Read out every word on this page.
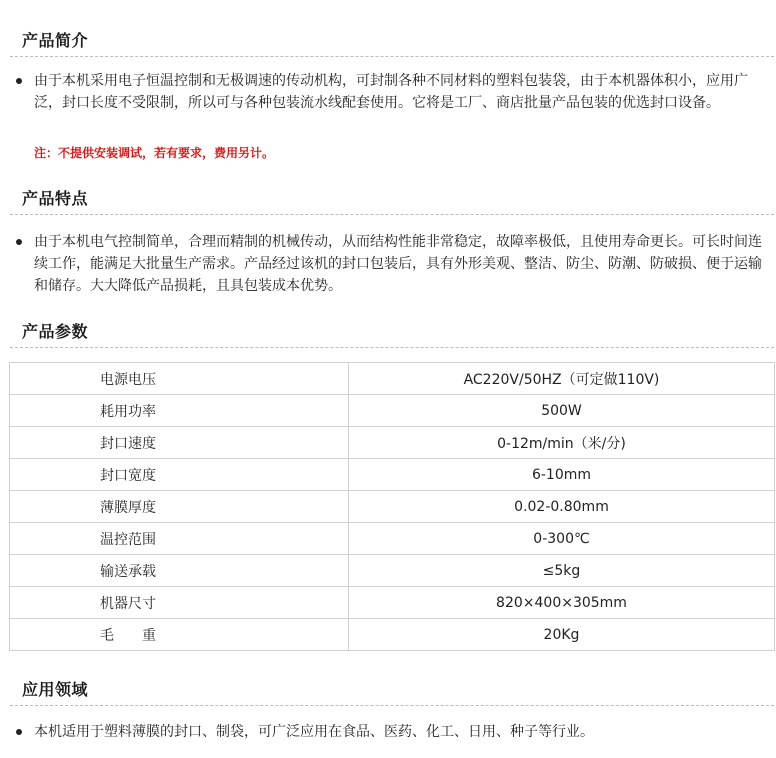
产品简介
由于本机采用电子恒温控制和无极调速的传动机构，可封制各种不同材料的塑料包装袋，由于本机器体积小，应用广泛，封口长度不受限制，所以可与各种包装流水线配套使用。它将是工厂、商店批量产品包装的优选封口设备。
注：不提供安装调试，若有要求，费用另计。
产品特点
由于本机电气控制简单，合理而精制的机械传动，从而结构性能非常稳定，故障率极低，且使用寿命更长。可长时间连续工作，能满足大批量生产需求。产品经过该机的封口包装后，具有外形美观、整洁、防尘、防潮、防破损、便于运输和储存。大大降低产品损耗，且具包装成本优势。
产品参数
电源电压	AC220V/50HZ（可定做110V)
耗用功率	500W
封口速度	0-12m/min（米/分)
封口宽度	6-10mm
薄膜厚度	0.02-0.80mm
温控范围	0-300℃
输送承载	≤5kg
机器尺寸	820×400×305mm
毛　　重	20Kg
应用领域
本机适用于塑料薄膜的封口、制袋，可广泛应用在食品、医药、化工、日用、种子等行业。
